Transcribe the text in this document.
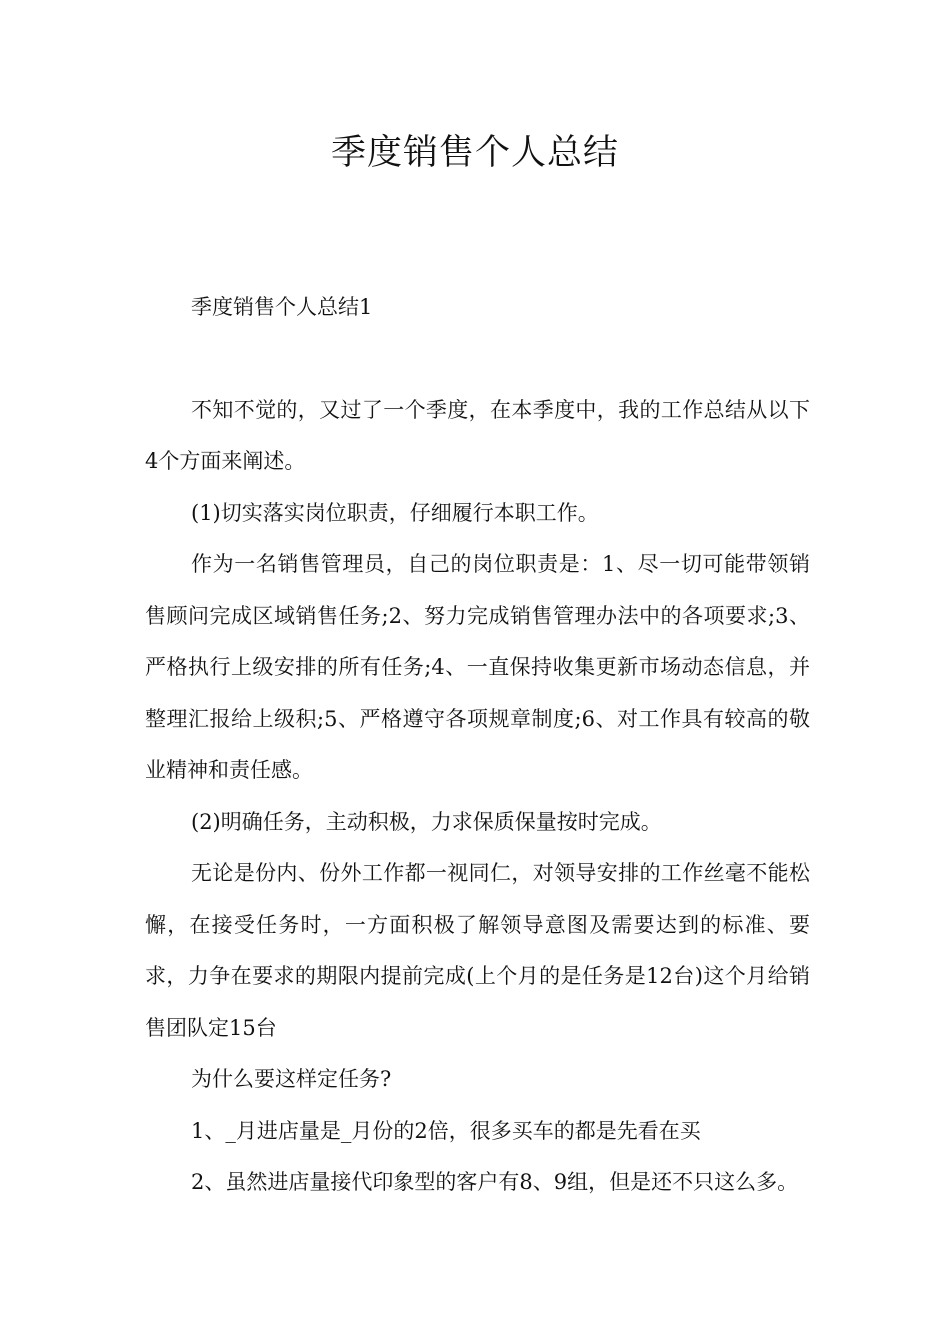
季度销售个人总结

季度销售个人总结1

不知不觉的，又过了一个季度，在本季度中，我的工作总结从以下4个方面来阐述。

(1)切实落实岗位职责，仔细履行本职工作。

作为一名销售管理员，自己的岗位职责是：1、尽一切可能带领销售顾问完成区域销售任务;2、努力完成销售管理办法中的各项要求;3、严格执行上级安排的所有任务;4、一直保持收集更新市场动态信息，并整理汇报给上级积;5、严格遵守各项规章制度;6、对工作具有较高的敬业精神和责任感。

(2)明确任务，主动积极，力求保质保量按时完成。

无论是份内、份外工作都一视同仁，对领导安排的工作丝毫不能松懈，在接受任务时，一方面积极了解领导意图及需要达到的标准、要求，力争在要求的期限内提前完成(上个月的是任务是12台)这个月给销售团队定15台

为什么要这样定任务?

1、_月进店量是_月份的2倍，很多买车的都是先看在买

2、虽然进店量接代印象型的客户有8、9组，但是还不只这么多。
